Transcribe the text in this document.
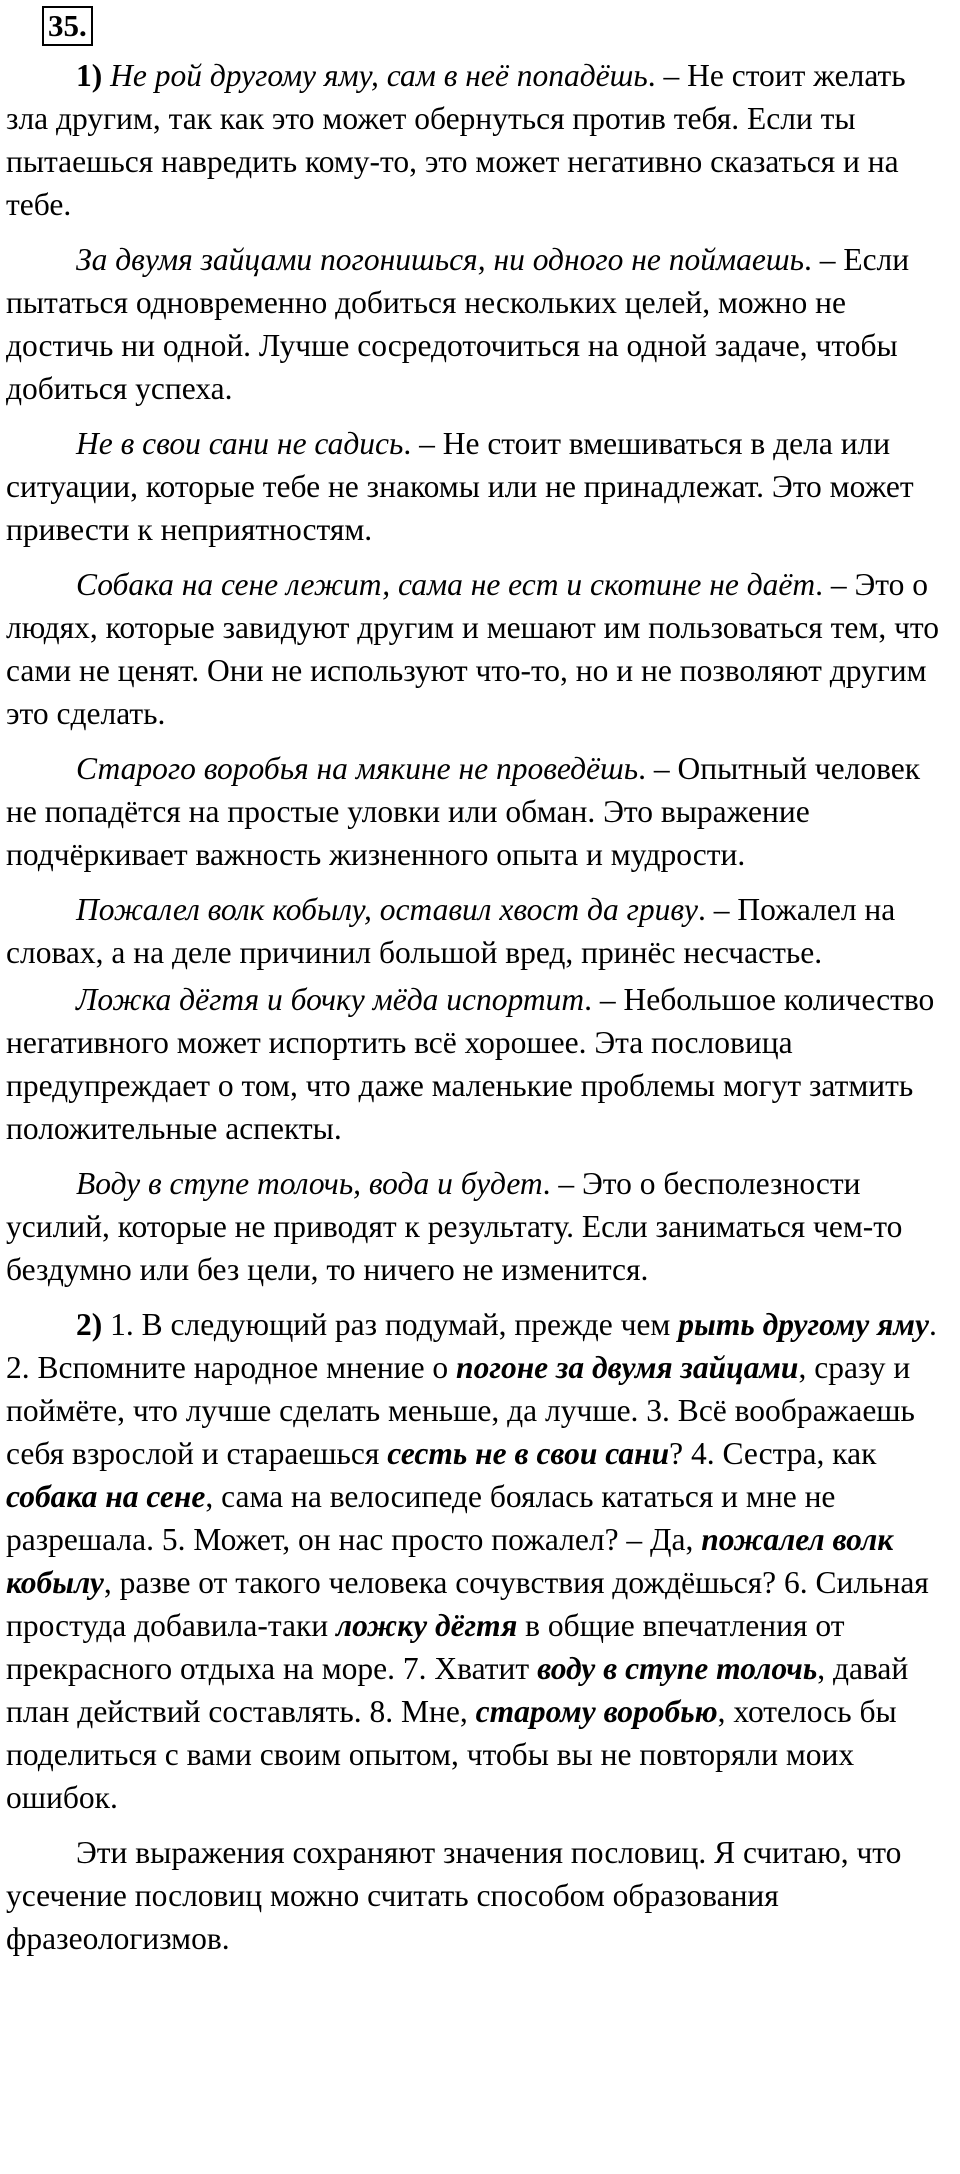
35.

1) Не рой другому яму, сам в неё попадёшь. – Не стоит желать зла другим, так как это может обернуться против тебя. Если ты пытаешься навредить кому-то, это может негативно сказаться и на тебе.

За двумя зайцами погонишься, ни одного не поймаешь. – Если пытаться одновременно добиться нескольких целей, можно не достичь ни одной. Лучше сосредоточиться на одной задаче, чтобы добиться успеха.

Не в свои сани не садись. – Не стоит вмешиваться в дела или ситуации, которые тебе не знакомы или не принадлежат. Это может привести к неприятностям.

Собака на сене лежит, сама не ест и скотине не даёт. – Это о людях, которые завидуют другим и мешают им пользоваться тем, что сами не ценят. Они не используют что-то, но и не позволяют другим это сделать.

Старого воробья на мякине не проведёшь. – Опытный человек не попадётся на простые уловки или обман. Это выражение подчёркивает важность жизненного опыта и мудрости.

Пожалел волк кобылу, оставил хвост да гриву. – Пожалел на словах, а на деле причинил большой вред, принёс несчастье.

Ложка дёгтя и бочку мёда испортит. – Небольшое количество негативного может испортить всё хорошее. Эта пословица предупреждает о том, что даже маленькие проблемы могут затмить положительные аспекты.

Воду в ступе толочь, вода и будет. – Это о бесполезности усилий, которые не приводят к результату. Если заниматься чем-то бездумно или без цели, то ничего не изменится.

2) 1. В следующий раз подумай, прежде чем рыть другому яму. 2. Вспомните народное мнение о погоне за двумя зайцами, сразу и поймёте, что лучше сделать меньше, да лучше. 3. Всё воображаешь себя взрослой и стараешься сесть не в свои сани? 4. Сестра, как собака на сене, сама на велосипеде боялась кататься и мне не разрешала. 5. Может, он нас просто пожалел? – Да, пожалел волк кобылу, разве от такого человека сочувствия дождёшься? 6. Сильная простуда добавила-таки ложку дёгтя в общие впечатления от прекрасного отдыха на море. 7. Хватит воду в ступе толочь, давай план действий составлять. 8. Мне, старому воробью, хотелось бы поделиться с вами своим опытом, чтобы вы не повторяли моих ошибок.

Эти выражения сохраняют значения пословиц. Я считаю, что усечение пословиц можно считать способом образования фразеологизмов.
